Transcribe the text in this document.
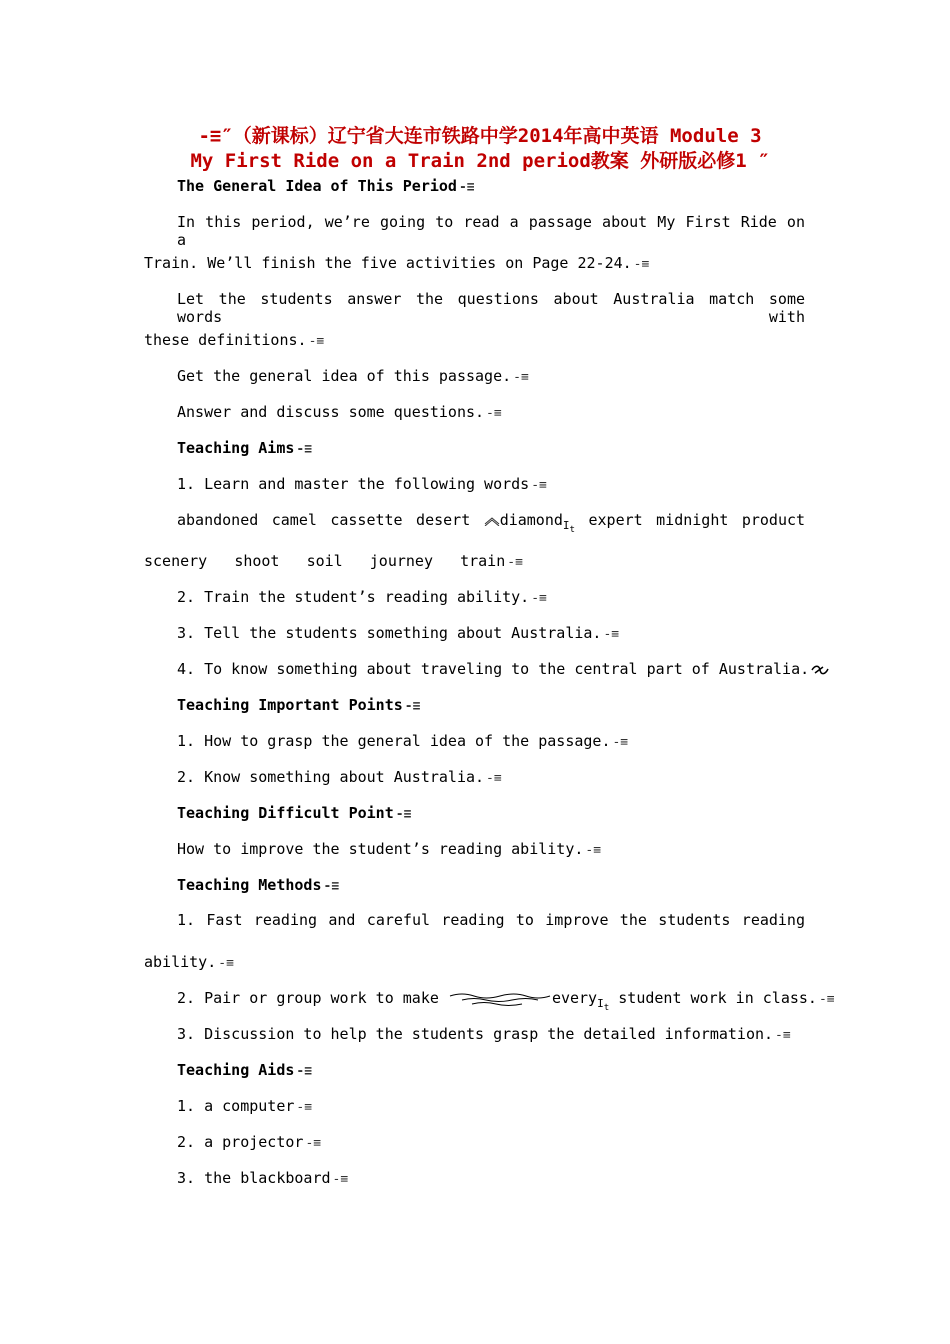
-≡″（新课标）辽宁省大连市铁路中学2014年高中英语 Module 3
My First Ride on a Train 2nd period教案 外研版必修1 ″
The General Idea of This Period -≡
In this period, we’re going to read a passage about My First Ride on a
Train. We’ll finish the five activities on Page 22-24. -≡
Let the students answer the questions about Australia match some words with
these definitions. -≡
Get the general idea of this passage. -≡
Answer and discuss some questions. -≡
Teaching Aims -≡
1. Learn and master the following words -≡
abandoned camel cassette desert diamond$_{I_t}$ expert midnight product
scenery shoot soil journey train -≡
2. Train the student’s reading ability. -≡
3. Tell the students something about Australia. -≡
4. To know something about traveling to the central part of Australia.
Teaching Important Points -≡
1. How to grasp the general idea of the passage. -≡
2. Know something about Australia. -≡
Teaching Difficult Point -≡
How to improve the student’s reading ability. -≡
Teaching Methods -≡
1. Fast reading and careful reading to improve the students reading
ability. -≡
2. Pair or group work to make	every$_{I_t}$ student work in class. -≡
3. Discussion to help the students grasp the detailed information. -≡
Teaching Aids -≡
1. a computer -≡
2. a projector -≡
3. the blackboard -≡
